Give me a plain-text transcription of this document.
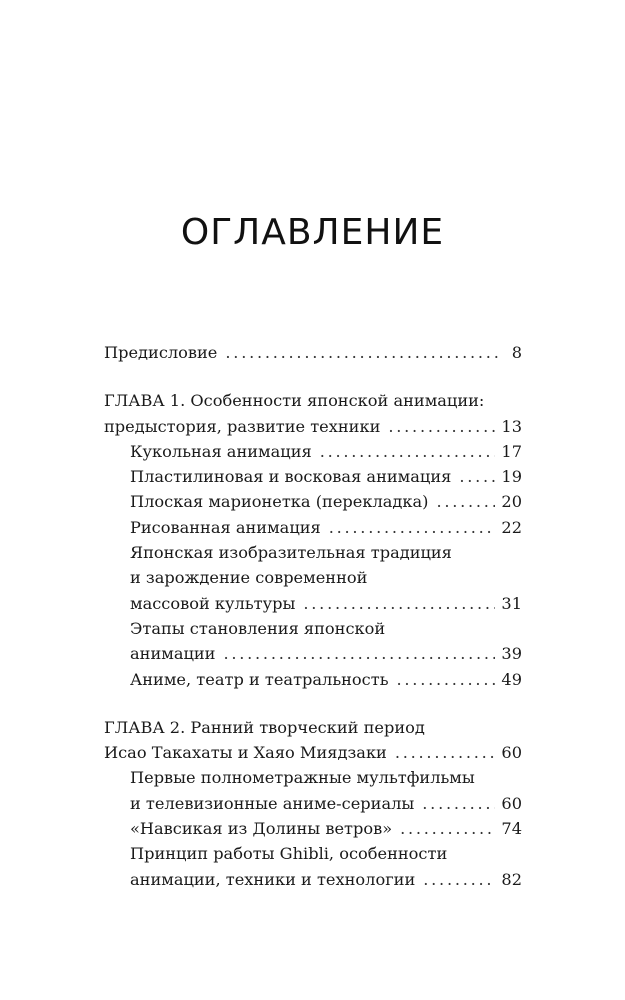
ОГЛАВЛЕНИЕ
Предисловие . . .	8
ГЛАВА 1. Особенности японской анимации:
предыстория, развитие техники . . .	13
Кукольная анимация . . .	17
Пластилиновая и восковая анимация . . .	19
Плоская марионетка (перекладка) . . .	20
Рисованная анимация . . .	22
Японская изобразительная традиция
и зарождение современной
массовой культуры . . .	31
Этапы становления японской
анимации . . .	39
Аниме, театр и театральность . . .	49
ГЛАВА 2. Ранний творческий период
Исао Такахаты и Хаяо Миядзаки . . .	60
Первые полнометражные мультфильмы
и телевизионные аниме-сериалы . . .	60
«Навсикая из Долины ветров» . . .	74
Принцип работы Ghibli, особенности
анимации, техники и технологии . . .	82
